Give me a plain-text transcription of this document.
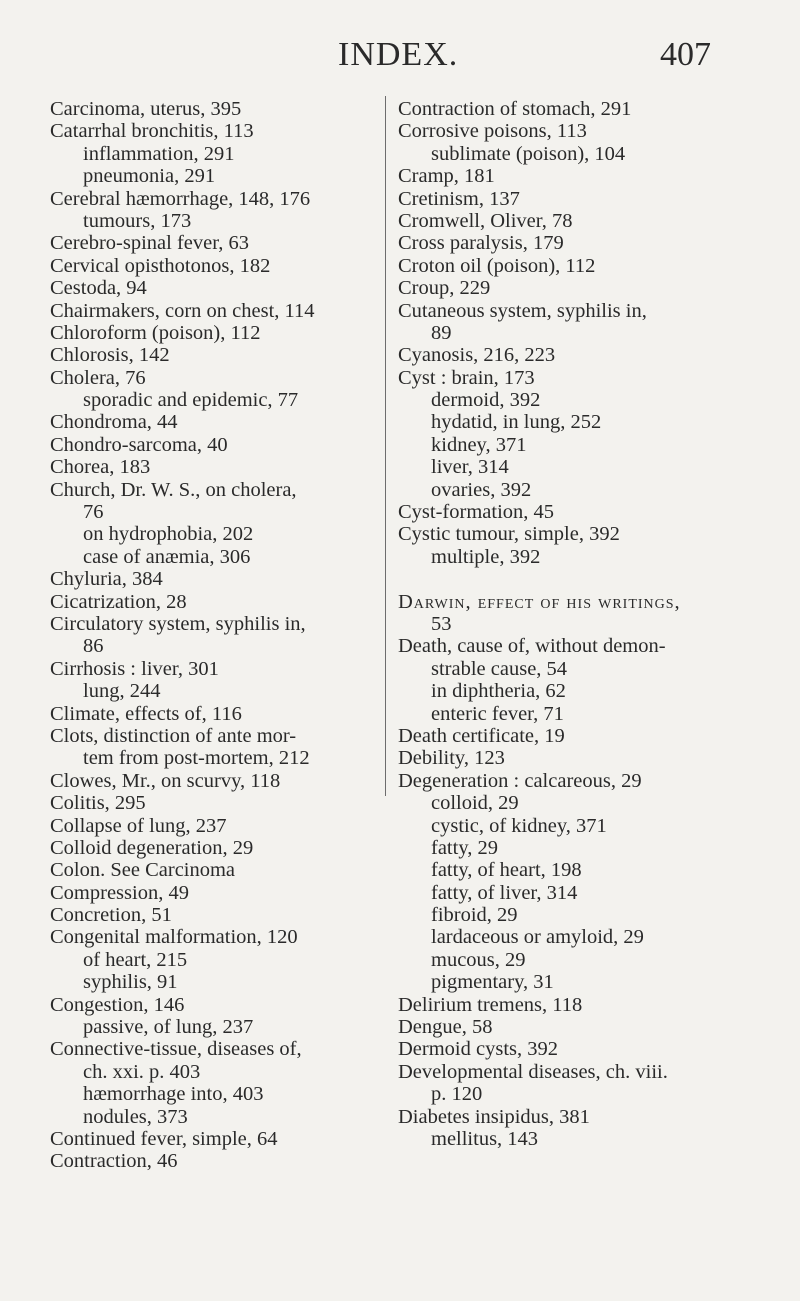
INDEX.	407
Carcinoma, uterus, 395
Catarrhal bronchitis, 113
inflammation, 291
pneumonia, 291
Cerebral hæmorrhage, 148, 176
tumours, 173
Cerebro-spinal fever, 63
Cervical opisthotonos, 182
Cestoda, 94
Chairmakers, corn on chest, 114
Chloroform (poison), 112
Chlorosis, 142
Cholera, 76
sporadic and epidemic, 77
Chondroma, 44
Chondro-sarcoma, 40
Chorea, 183
Church, Dr. W. S., on cholera,
76
on hydrophobia, 202
case of anæmia, 306
Chyluria, 384
Cicatrization, 28
Circulatory system, syphilis in,
86
Cirrhosis : liver, 301
lung, 244
Climate, effects of, 116
Clots, distinction of ante mor-
tem from post-mortem, 212
Clowes, Mr., on scurvy, 118
Colitis, 295
Collapse of lung, 237
Colloid degeneration, 29
Colon. See Carcinoma
Compression, 49
Concretion, 51
Congenital malformation, 120
of heart, 215
syphilis, 91
Congestion, 146
passive, of lung, 237
Connective-tissue, diseases of,
ch. xxi. p. 403
hæmorrhage into, 403
nodules, 373
Continued fever, simple, 64
Contraction, 46
Contraction of stomach, 291
Corrosive poisons, 113
sublimate (poison), 104
Cramp, 181
Cretinism, 137
Cromwell, Oliver, 78
Cross paralysis, 179
Croton oil (poison), 112
Croup, 229
Cutaneous system, syphilis in,
89
Cyanosis, 216, 223
Cyst : brain, 173
dermoid, 392
hydatid, in lung, 252
kidney, 371
liver, 314
ovaries, 392
Cyst-formation, 45
Cystic tumour, simple, 392
multiple, 392
Darwin, effect of his writings,
53
Death, cause of, without demon-
strable cause, 54
in diphtheria, 62
enteric fever, 71
Death certificate, 19
Debility, 123
Degeneration : calcareous, 29
colloid, 29
cystic, of kidney, 371
fatty, 29
fatty, of heart, 198
fatty, of liver, 314
fibroid, 29
lardaceous or amyloid, 29
mucous, 29
pigmentary, 31
Delirium tremens, 118
Dengue, 58
Dermoid cysts, 392
Developmental diseases, ch. viii.
p. 120
Diabetes insipidus, 381
mellitus, 143
